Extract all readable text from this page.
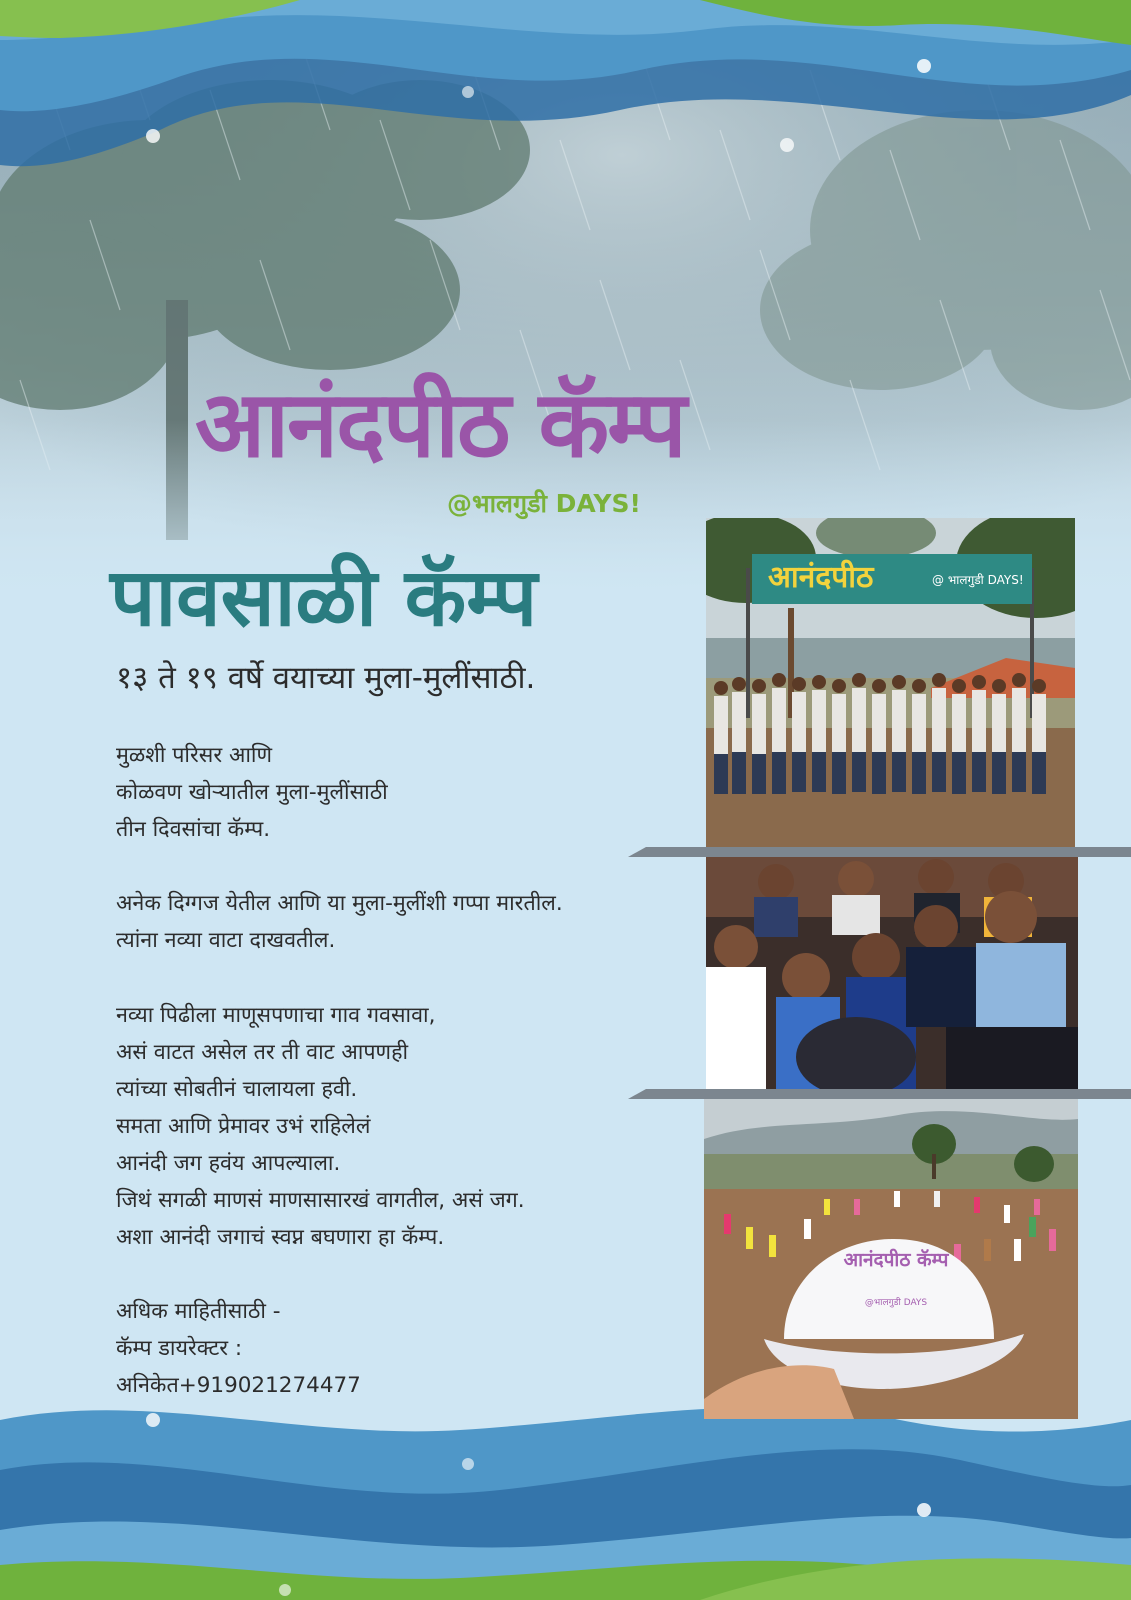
आनंदपीठ कॅम्प
@भालगुडी DAYS!
पावसाळी कॅम्प
१३ ते १९ वर्षे वयाच्या मुला-मुलींसाठी.
मुळशी परिसर आणि
कोळवण खोऱ्यातील मुला-मुलींसाठी
तीन दिवसांचा कॅम्प.
अनेक दिग्गज येतील आणि या मुला-मुलींशी गप्पा मारतील.
त्यांना नव्या वाटा दाखवतील.
नव्या पिढीला माणूसपणाचा गाव गवसावा,
असं वाटत असेल तर ती वाट आपणही
त्यांच्या सोबतीनं चालायला हवी.
समता आणि प्रेमावर उभं राहिलेलं
आनंदी जग हवंय आपल्याला.
जिथं सगळी माणसं माणसासारखं वागतील, असं जग.
अशा आनंदी जगाचं स्वप्न बघणारा हा कॅम्प.
अधिक माहितीसाठी -
कॅम्प डायरेक्टर :
अनिकेत+919021274477
आनंदपीठ	@ भालगुडी DAYS!
आनंदपीठ कॅम्प
@भालगुडी DAYS
